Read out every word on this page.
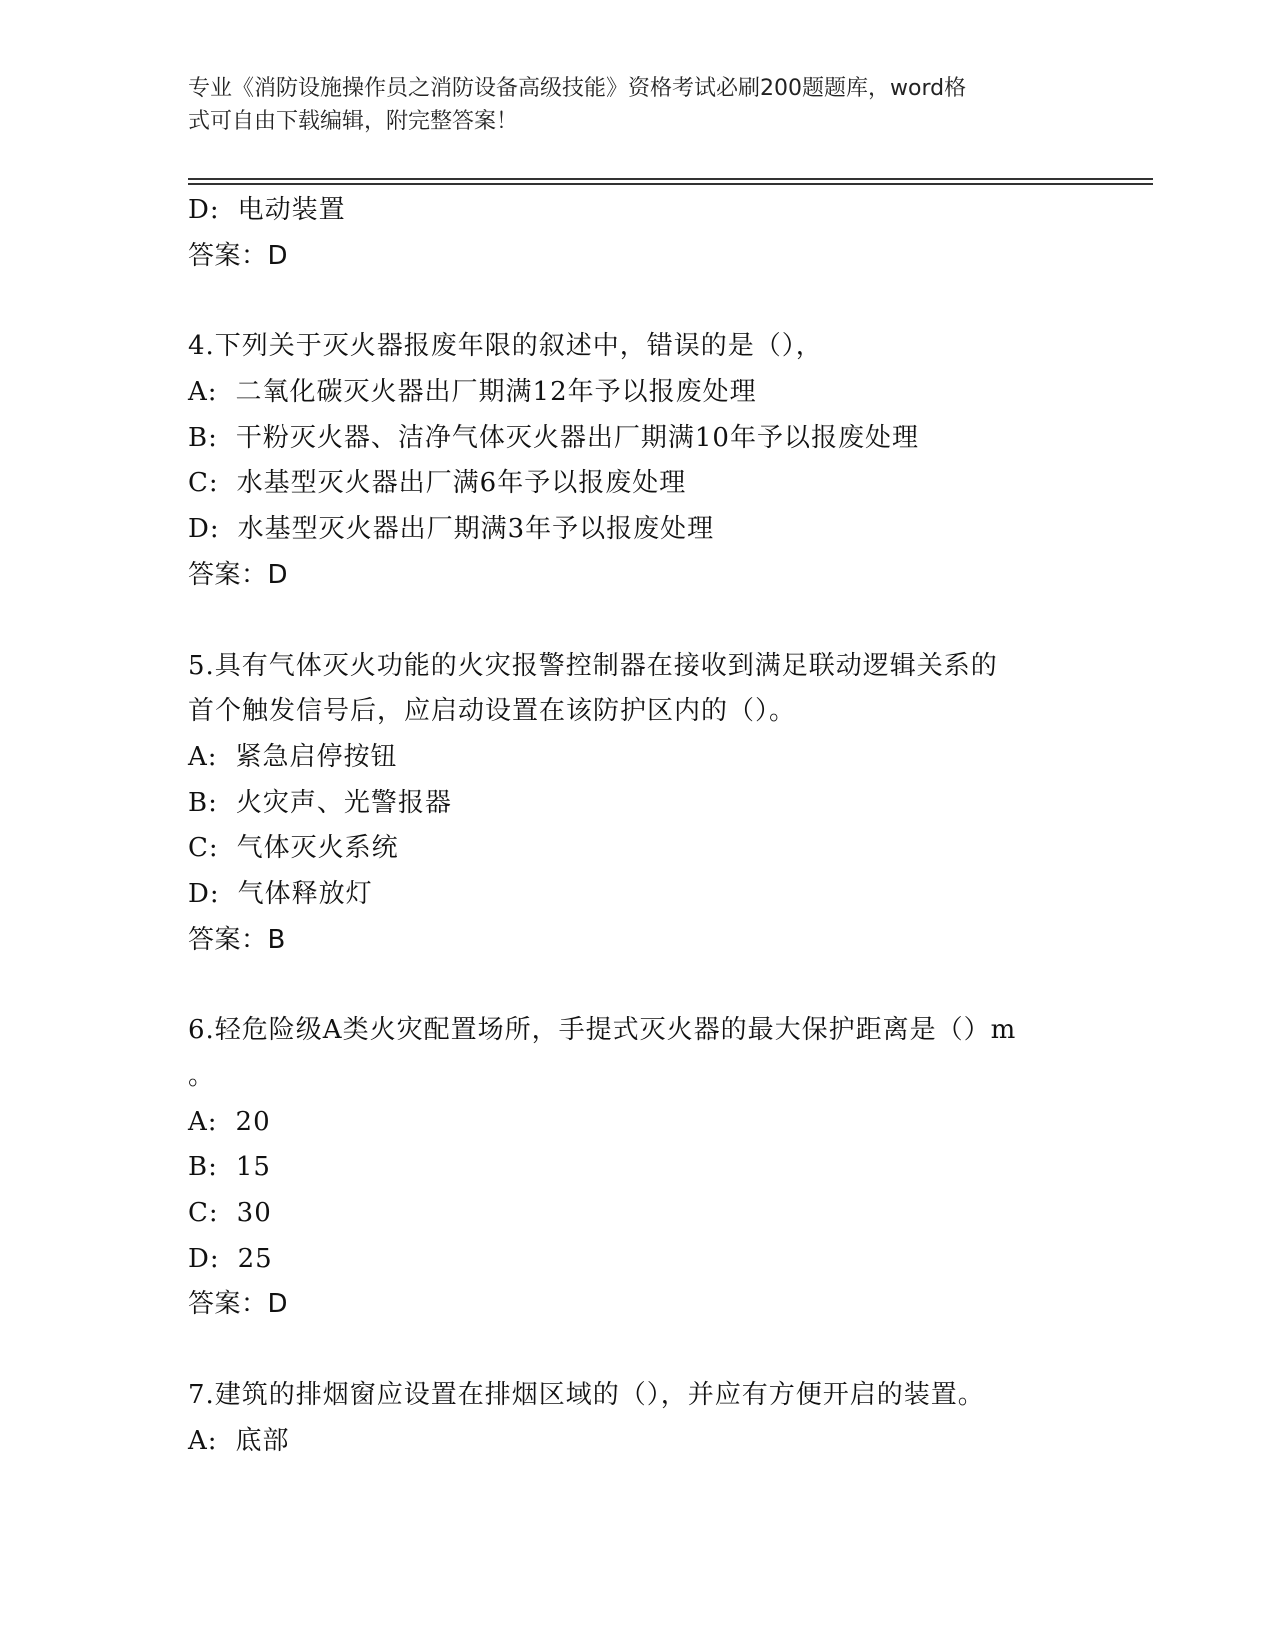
专业《消防设施操作员之消防设备高级技能》资格考试必刷200题题库，word格
式可自由下载编辑，附完整答案！
D: 电动装置
答案：D
4.下列关于灭火器报废年限的叙述中，错误的是（），
A: 二氧化碳灭火器出厂期满12年予以报废处理
B: 干粉灭火器、洁净气体灭火器出厂期满10年予以报废处理
C: 水基型灭火器出厂满6年予以报废处理
D: 水基型灭火器出厂期满3年予以报废处理
答案：D
5.具有气体灭火功能的火灾报警控制器在接收到满足联动逻辑关系的
首个触发信号后，应启动设置在该防护区内的（）。
A: 紧急启停按钮
B: 火灾声、光警报器
C: 气体灭火系统
D: 气体释放灯
答案：B
6.轻危险级A类火灾配置场所，手提式灭火器的最大保护距离是（）m
。
A: 20
B: 15
C: 30
D: 25
答案：D
7.建筑的排烟窗应设置在排烟区域的（），并应有方便开启的装置。
A: 底部
